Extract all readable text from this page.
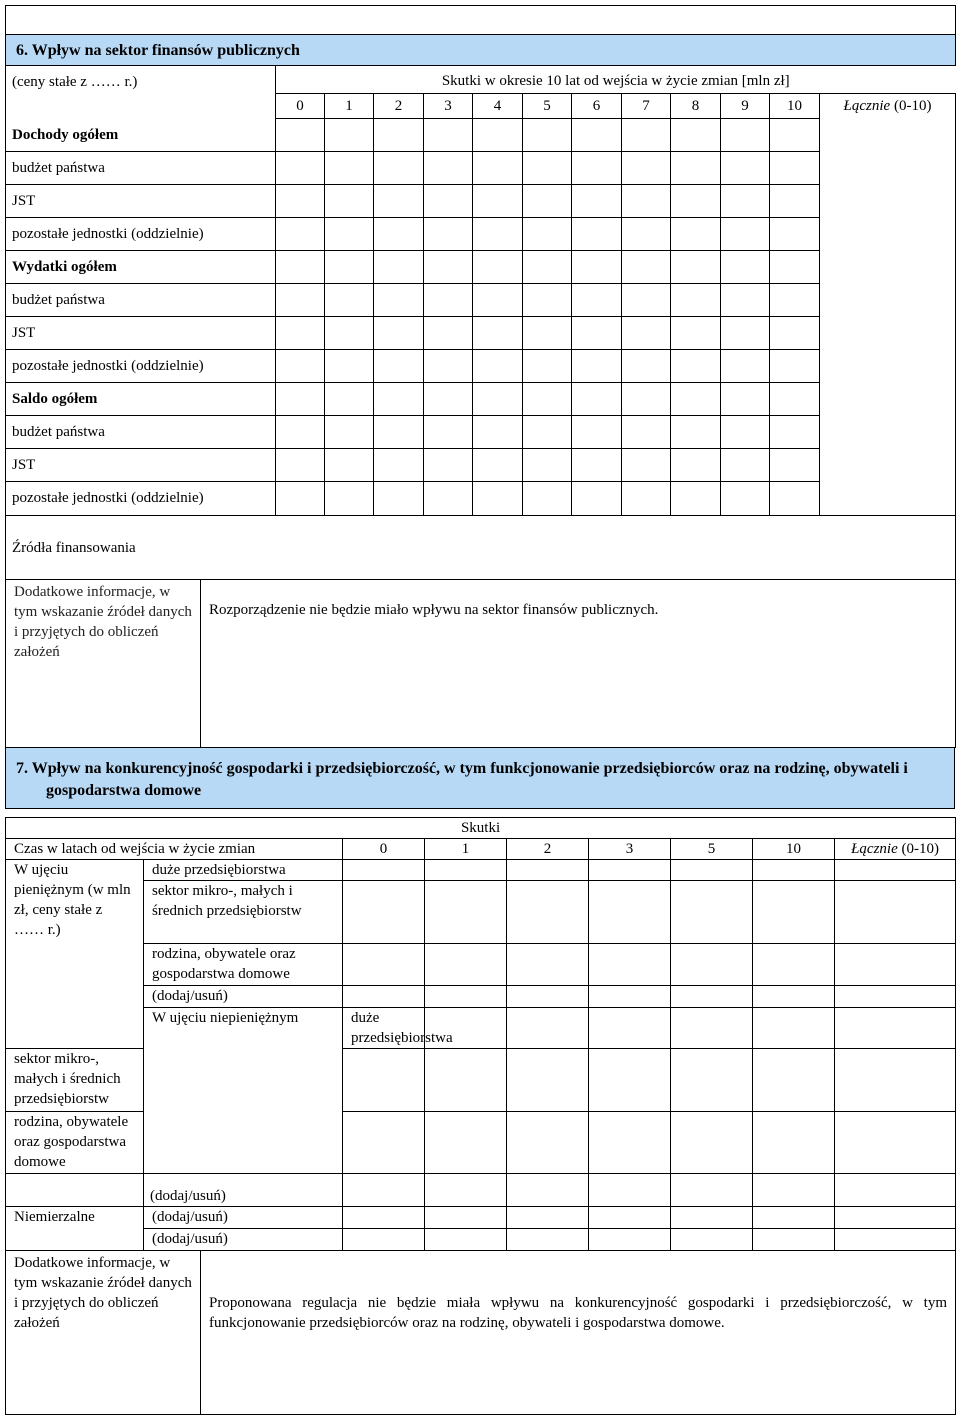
6. Wpływ na sektor finansów publicznych												
(ceny stałe z …… r.)	Skutki w okresie 10 lat od wejścia w życie zmian [mln zł]											
	0	1	2	3	4	5	6	7	8	9	10	Łącznie (0-10)
Dochody ogółem												
budżet państwa												
JST												
pozostałe jednostki (oddzielnie)												
Wydatki ogółem												
budżet państwa												
JST												
pozostałe jednostki (oddzielnie)												
Saldo ogółem												
budżet państwa												
JST												
pozostałe jednostki (oddzielnie)												
Źródła finansowania												
Dodatkowe informacje, w tym wskazanie źródeł danych i przyjętych do obliczeń założeń	Rozporządzenie nie będzie miało wpływu na sektor finansów publicznych.
7. Wpływ na konkurencyjność gospodarki i przedsiębiorczość, w tym funkcjonowanie przedsiębiorców oraz na rodzinę, obywateli i gospodarstwa domowe
Skutki									
Czas w latach od wejścia w życie zmian		0	1	2	3	5	10	Łącznie (0-10)	
W ujęciu pieniężnym (w mln zł, ceny stałe z …… r.)	duże przedsiębiorstwa								
	sektor mikro-, małych i średnich przedsiębiorstw								
	rodzina, obywatele oraz gospodarstwa domowe								
	(dodaj/usuń)								
	W ujęciu niepieniężnym	duże przedsiębiorstwa							
sektor mikro-, małych i średnich przedsiębiorstw									
rodzina, obywatele oraz gospodarstwa domowe									
	(dodaj/usuń)								
Niemierzalne	(dodaj/usuń)								
	(dodaj/usuń)								
Dodatkowe informacje, w tym wskazanie źródeł danych i przyjętych do obliczeń założeń	Proponowana regulacja nie będzie miała wpływu na konkurencyjność gospodarki i przedsiębiorczość, w tym funkcjonowanie przedsiębiorców oraz na rodzinę, obywateli i gospodarstwa domowe.
